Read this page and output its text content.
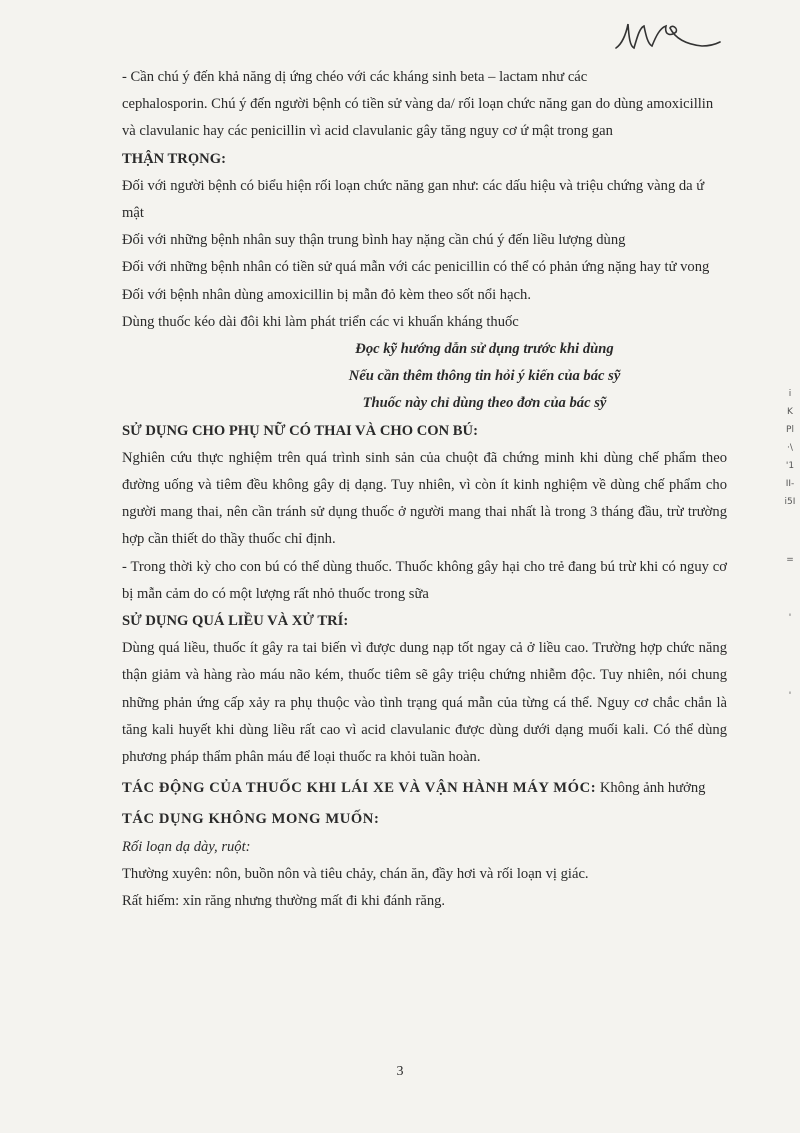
- Cần chú ý đến khả năng dị ứng chéo với các kháng sinh beta – lactam như các

cephalosporin. Chú ý đến người bệnh có tiền sử vàng da/ rối loạn chức năng gan do dùng amoxicillin và clavulanic hay các penicillin vì acid clavulanic gây tăng nguy cơ ứ mật trong gan

THẬN TRỌNG:

Đối với người bệnh có biểu hiện rối loạn chức năng gan như: các dấu hiệu và triệu chứng vàng da ứ mật

Đối với những bệnh nhân suy thận trung bình hay nặng cần chú ý đến liều lượng dùng

Đối với những bệnh nhân có tiền sử quá mẫn với các penicillin có thể có phản ứng nặng hay tử vong

Đối với bệnh nhân dùng amoxicillin bị mẫn đỏ kèm theo sốt nổi hạch.

Dùng thuốc kéo dài đôi khi làm phát triển các vi khuẩn kháng thuốc

Đọc kỹ hướng dẫn sử dụng trước khi dùng

Nếu cần thêm thông tin hỏi ý kiến của bác sỹ

Thuốc này chỉ dùng theo đơn của bác sỹ

SỬ DỤNG CHO PHỤ NỮ CÓ THAI VÀ CHO CON BÚ:

Nghiên cứu thực nghiệm trên quá trình sinh sản của chuột đã chứng minh khi dùng chế phẩm theo đường uống và tiêm đều không gây dị dạng. Tuy nhiên, vì còn ít kinh nghiệm về dùng chế phẩm cho người mang thai, nên cần tránh sử dụng thuốc ở người mang thai nhất là trong 3 tháng đầu, trừ trường hợp cần thiết do thầy thuốc chỉ định.

- Trong thời kỳ cho con bú có thể dùng thuốc. Thuốc không gây hại cho trẻ đang bú trừ khi có nguy cơ bị mẫn cảm do có một lượng rất nhỏ thuốc trong sữa

SỬ DỤNG QUÁ LIỀU VÀ XỬ TRÍ:

Dùng quá liều, thuốc ít gây ra tai biến vì được dung nạp tốt ngay cả ở liều cao. Trường hợp chức năng thận giảm và hàng rào máu não kém, thuốc tiêm sẽ gây triệu chứng nhiễm độc. Tuy nhiên, nói chung những phản ứng cấp xảy ra phụ thuộc vào tình trạng quá mẫn của từng cá thể. Nguy cơ chắc chắn là tăng kali huyết khi dùng liều rất cao vì acid clavulanic được dùng dưới dạng muối kali. Có thể dùng phương pháp thẩm phân máu để loại thuốc ra khỏi tuần hoàn.

TÁC ĐỘNG CỦA THUỐC KHI LÁI XE VÀ VẬN HÀNH MÁY MÓC: Không ảnh hưởng

TÁC DỤNG KHÔNG MONG MUỐN:

Rối loạn dạ dày, ruột:

Thường xuyên: nôn, buồn nôn và tiêu chảy, chán ăn, đầy hơi và rối loạn vị giác.

Rất hiếm: xỉn răng nhưng thường mất đi khi đánh răng.

3
i
K
Pl
·\
'1
II-
i5I
=
'
'
